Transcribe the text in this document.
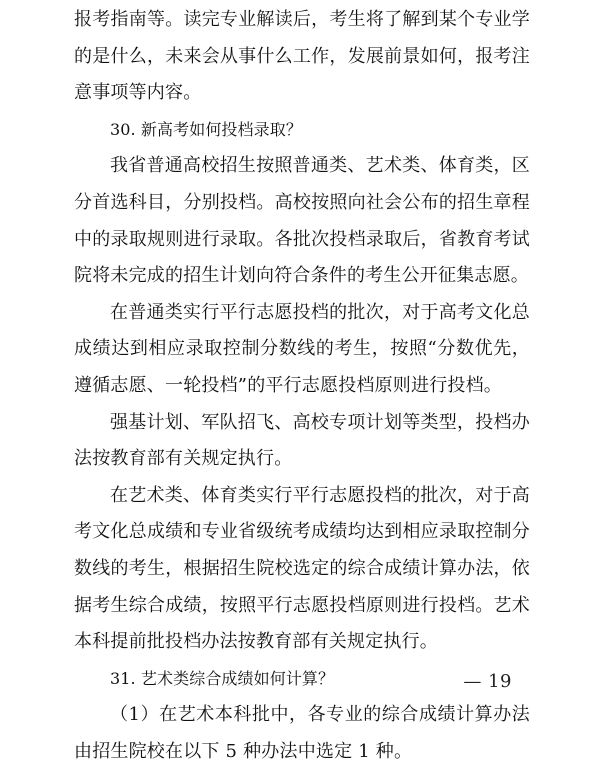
报考指南等。读完专业解读后，考生将了解到某个专业学的是什么，未来会从事什么工作，发展前景如何，报考注意事项等内容。

30. 新高考如何投档录取？

我省普通高校招生按照普通类、艺术类、体育类，区分首选科目，分别投档。高校按照向社会公布的招生章程中的录取规则进行录取。各批次投档录取后，省教育考试院将未完成的招生计划向符合条件的考生公开征集志愿。

在普通类实行平行志愿投档的批次，对于高考文化总成绩达到相应录取控制分数线的考生，按照“分数优先，遵循志愿、一轮投档”的平行志愿投档原则进行投档。

强基计划、军队招飞、高校专项计划等类型，投档办法按教育部有关规定执行。

在艺术类、体育类实行平行志愿投档的批次，对于高考文化总成绩和专业省级统考成绩均达到相应录取控制分数线的考生，根据招生院校选定的综合成绩计算办法，依据考生综合成绩，按照平行志愿投档原则进行投档。艺术本科提前批投档办法按教育部有关规定执行。

31. 艺术类综合成绩如何计算？

（1）在艺术本科批中，各专业的综合成绩计算办法由招生院校在以下 5 种办法中选定 1 种。

— 19
